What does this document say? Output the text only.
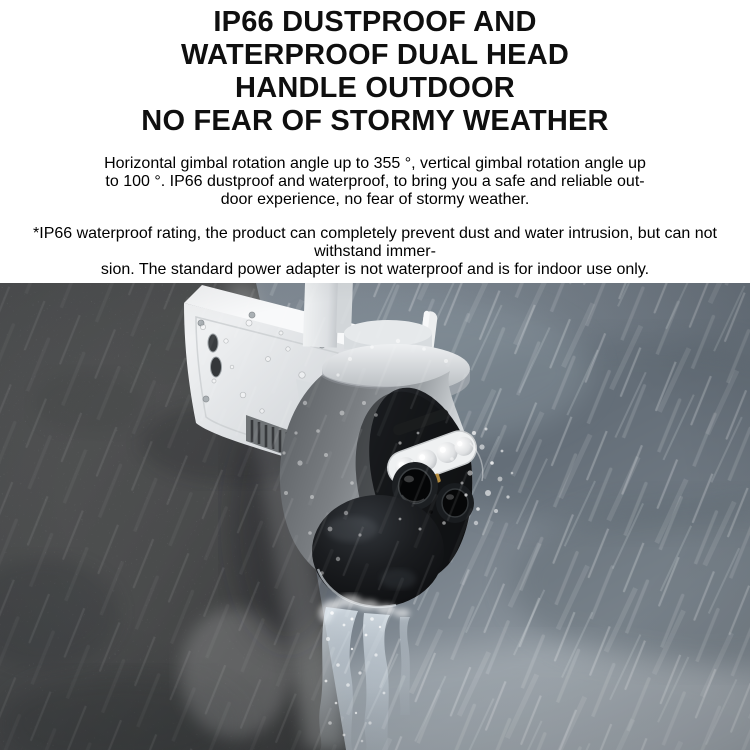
IP66 DUSTPROOF AND
WATERPROOF DUAL HEAD
HANDLE OUTDOOR
NO FEAR OF STORMY WEATHER

Horizontal gimbal rotation angle up to 355 °, vertical gimbal rotation angle up
to 100 °. IP66 dustproof and waterproof, to bring you a safe and reliable out-
door experience, no fear of stormy weather.

*IP66 waterproof rating, the product can completely prevent dust and water intrusion, but can not withstand immer-
sion. The standard power adapter is not waterproof and is for indoor use only.
